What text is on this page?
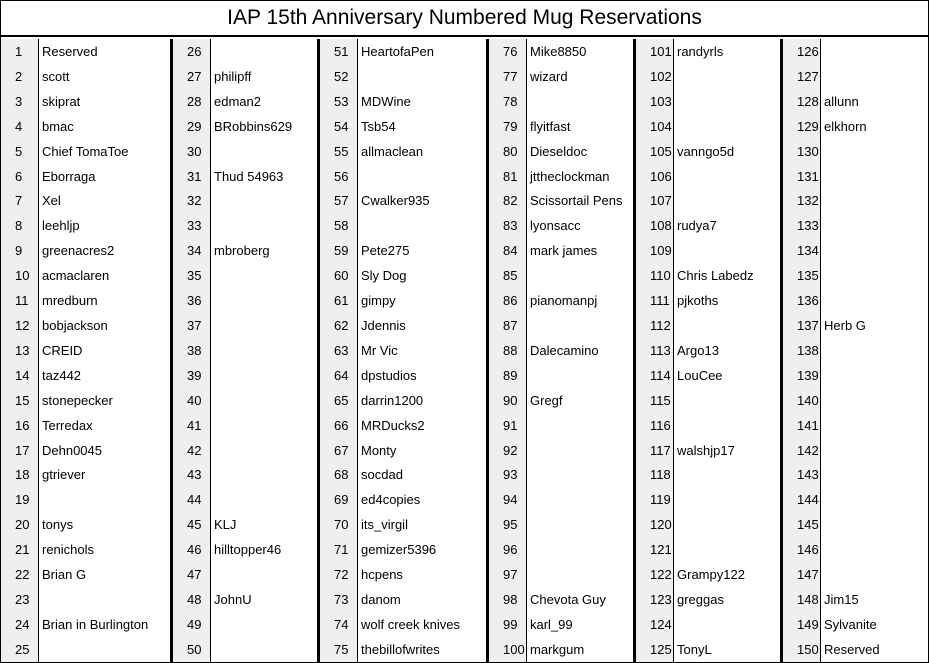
IAP 15th Anniversary Numbered Mug Reservations
1
2
3
4
5
6
7
8
9
10
11
12
13
14
15
16
17
18
19
20
21
22
23
24
25
Reserved
scott
skiprat
bmac
Chief TomaToe
Eborraga
Xel
leehljp
greenacres2
acmaclaren
mredburn
bobjackson
CREID
taz442
stonepecker
Terredax
Dehn0045
gtriever
tonys
renichols
Brian G
Brian in Burlington
26
27
28
29
30
31
32
33
34
35
36
37
38
39
40
41
42
43
44
45
46
47
48
49
50
philipff
edman2
BRobbins629
Thud 54963
mbroberg
KLJ
hilltopper46
JohnU
51
52
53
54
55
56
57
58
59
60
61
62
63
64
65
66
67
68
69
70
71
72
73
74
75
HeartofaPen
MDWine
Tsb54
allmaclean
Cwalker935
Pete275
Sly Dog
gimpy
Jdennis
Mr Vic
dpstudios
darrin1200
MRDucks2
Monty
socdad
ed4copies
its_virgil
gemizer5396
hcpens
danom
wolf creek knives
thebillofwrites
76
77
78
79
80
81
82
83
84
85
86
87
88
89
90
91
92
93
94
95
96
97
98
99
100
Mike8850
wizard
flyitfast
Dieseldoc
jttheclockman
Scissortail Pens
lyonsacc
mark james
pianomanpj
Dalecamino
Gregf
Chevota Guy
karl_99
markgum
101
102
103
104
105
106
107
108
109
110
111
112
113
114
115
116
117
118
119
120
121
122
123
124
125
randyrls
vanngo5d
rudya7
Chris Labedz
pjkoths
Argo13
LouCee
walshjp17
Grampy122
greggas
TonyL
126
127
128
129
130
131
132
133
134
135
136
137
138
139
140
141
142
143
144
145
146
147
148
149
150
allunn
elkhorn
Herb G
Jim15
Sylvanite
Reserved
